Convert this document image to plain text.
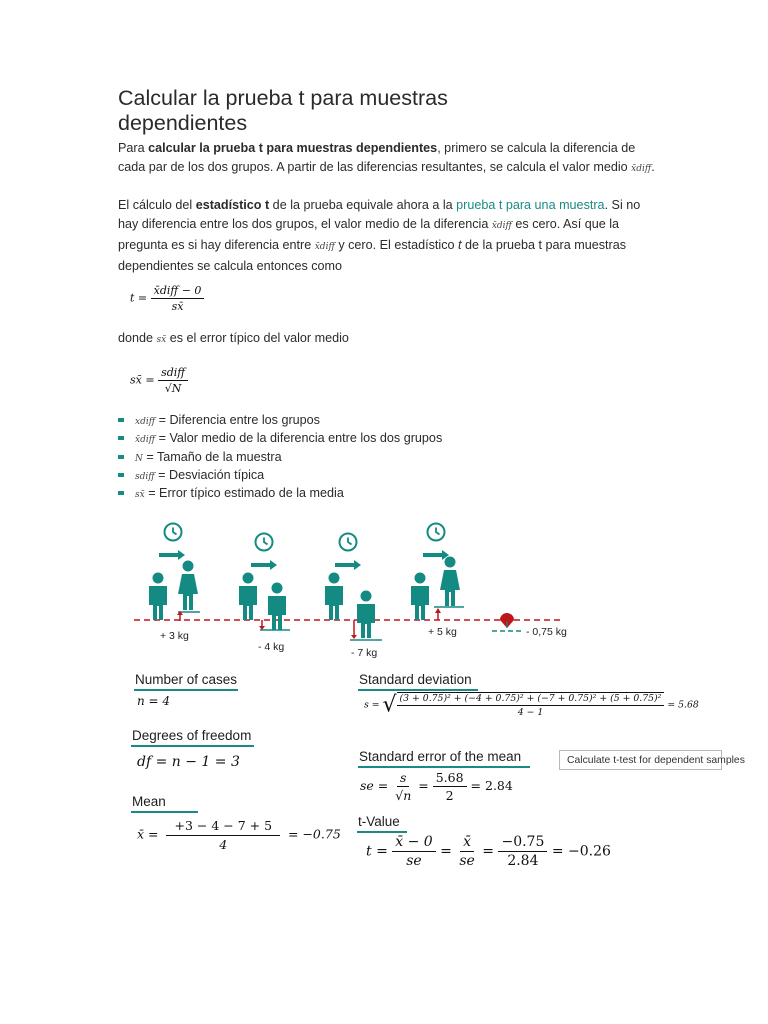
Calcular la prueba t para muestras dependientes
Para calcular la prueba t para muestras dependientes, primero se calcula la diferencia de cada par de los dos grupos. A partir de las diferencias resultantes, se calcula el valor medio x̄diff.
El cálculo del estadístico t de la prueba equivale ahora a la prueba t para una muestra. Si no hay diferencia entre los dos grupos, el valor medio de la diferencia x̄diff es cero. Así que la pregunta es si hay diferencia entre x̄diff y cero. El estadístico t de la prueba t para muestras dependientes se calcula entonces como
$t = \frac{\text{x̄diff − 0}}{sx̄}$
donde sx̄ es el error típico del valor medio
sx̄ = $\frac{\text{sdiff}}{√N}$
xdiff = Diferencia entre los grupos
x̄diff = Valor medio de la diferencia entre los dos grupos
N = Tamaño de la muestra
sdiff = Desviación típica
sx̄ = Error típico estimado de la media
+ 3 kg
- 4 kg	- 7 kg
+ 5 kg	- 0,75 kg
Number of cases
n = 4
Degrees of freedom
df = n − 1 = 3
Mean
x̄ = $\frac{+3 - 4 - 7 + 5}{4} = -0.75$
Standard deviation
s = √ $\frac{\text{(3 + 0.75)² + (−4 + 0.75)² + (−7 + 0.75)² + (5 + 0.75)²}}{4 - 1} = 5.68$
Standard error of the mean
se = $\frac{s}{√n} = \frac{5.68}{2} = 2.84$
Calculate t-test for dependent samples
t-Value
$t = \frac{x̄ - 0}{se} = \frac{x̄}{se} = \frac{-0.75}{2.84} = -0.26$
